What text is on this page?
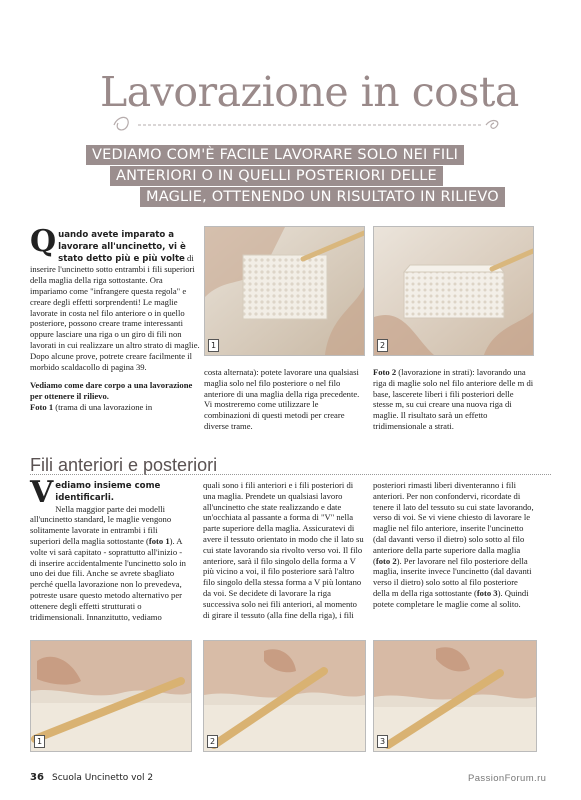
Lavorazione in costa
VEDIAMO COM'È FACILE LAVORARE SOLO NEI FILI
ANTERIORI O IN QUELLI POSTERIORI DELLE
MAGLIE, OTTENENDO UN RISULTATO IN RILIEVO
Quando avete imparato a lavorare all'uncinetto, vi è stato detto più e più volte di inserire l'uncinetto sotto entrambi i fili superiori della maglia della riga sottostante. Ora impariamo come "infrangere questa regola" e creare degli effetti sorprendenti! Le maglie lavorate in costa nel filo anteriore o in quello posteriore, possono creare trame interessanti oppure lasciare una riga o un giro di fili non lavorati in cui realizzare un altro strato di maglie. Dopo alcune prove, potrete creare facilmente il morbido scaldacollo di pagina 39.
Vediamo come dare corpo a una lavorazione per ottenere il rilievo.
Foto 1 (trama di una lavorazione in
1	2
costa alternata): potete lavorare una qualsiasi maglia solo nel filo posteriore o nel filo anteriore di una maglia della riga precedente. Vi mostreremo come utilizzare le combinazioni di questi metodi per creare diverse trame.
Foto 2 (lavorazione in strati): lavorando una riga di maglie solo nel filo anteriore delle m di base, lascerete liberi i fili posteriori delle stesse m, su cui creare una nuova riga di maglie. Il risultato sarà un effetto tridimensionale a strati.
Fili anteriori e posteriori
Vediamo insieme come identificarli.
Nella maggior parte dei modelli all'uncinetto standard, le maglie vengono solitamente lavorate in entrambi i fili superiori della maglia sottostante (foto 1). A volte vi sarà capitato - soprattutto all'inizio - di inserire accidentalmente l'uncinetto solo in uno dei due fili. Anche se avrete sbagliato perché quella lavorazione non lo prevedeva, potreste usare questo metodo alternativo per ottenere degli effetti strutturati o tridimensionali. Innanzitutto, vediamo
quali sono i fili anteriori e i fili posteriori di una maglia. Prendete un qualsiasi lavoro all'uncinetto che state realizzando e date un'occhiata al passante a forma di "V" nella parte superiore della maglia. Assicuratevi di avere il tessuto orientato in modo che il lato su cui state lavorando sia rivolto verso voi. Il filo anteriore, sarà il filo singolo della forma a V più vicino a voi, il filo posteriore sarà l'altro filo singolo della stessa forma a V più lontano da voi. Se decidete di lavorare la riga successiva solo nei fili anteriori, al momento di girare il tessuto (alla fine della riga), i fili
posteriori rimasti liberi diventeranno i fili anteriori. Per non confondervi, ricordate di tenere il lato del tessuto su cui state lavorando, verso di voi. Se vi viene chiesto di lavorare le maglie nel filo anteriore, inserite l'uncinetto (dal davanti verso il dietro) solo sotto al filo anteriore della parte superiore dalla maglia (foto 2). Per lavorare nel filo posteriore della maglia, inserite invece l'uncinetto (dal davanti verso il dietro) solo sotto al filo posteriore della m della riga sottostante (foto 3). Quindi potete completare le maglie come al solito.
1	2	3
36 Scuola Uncinetto vol 2	PassionForum.ru
